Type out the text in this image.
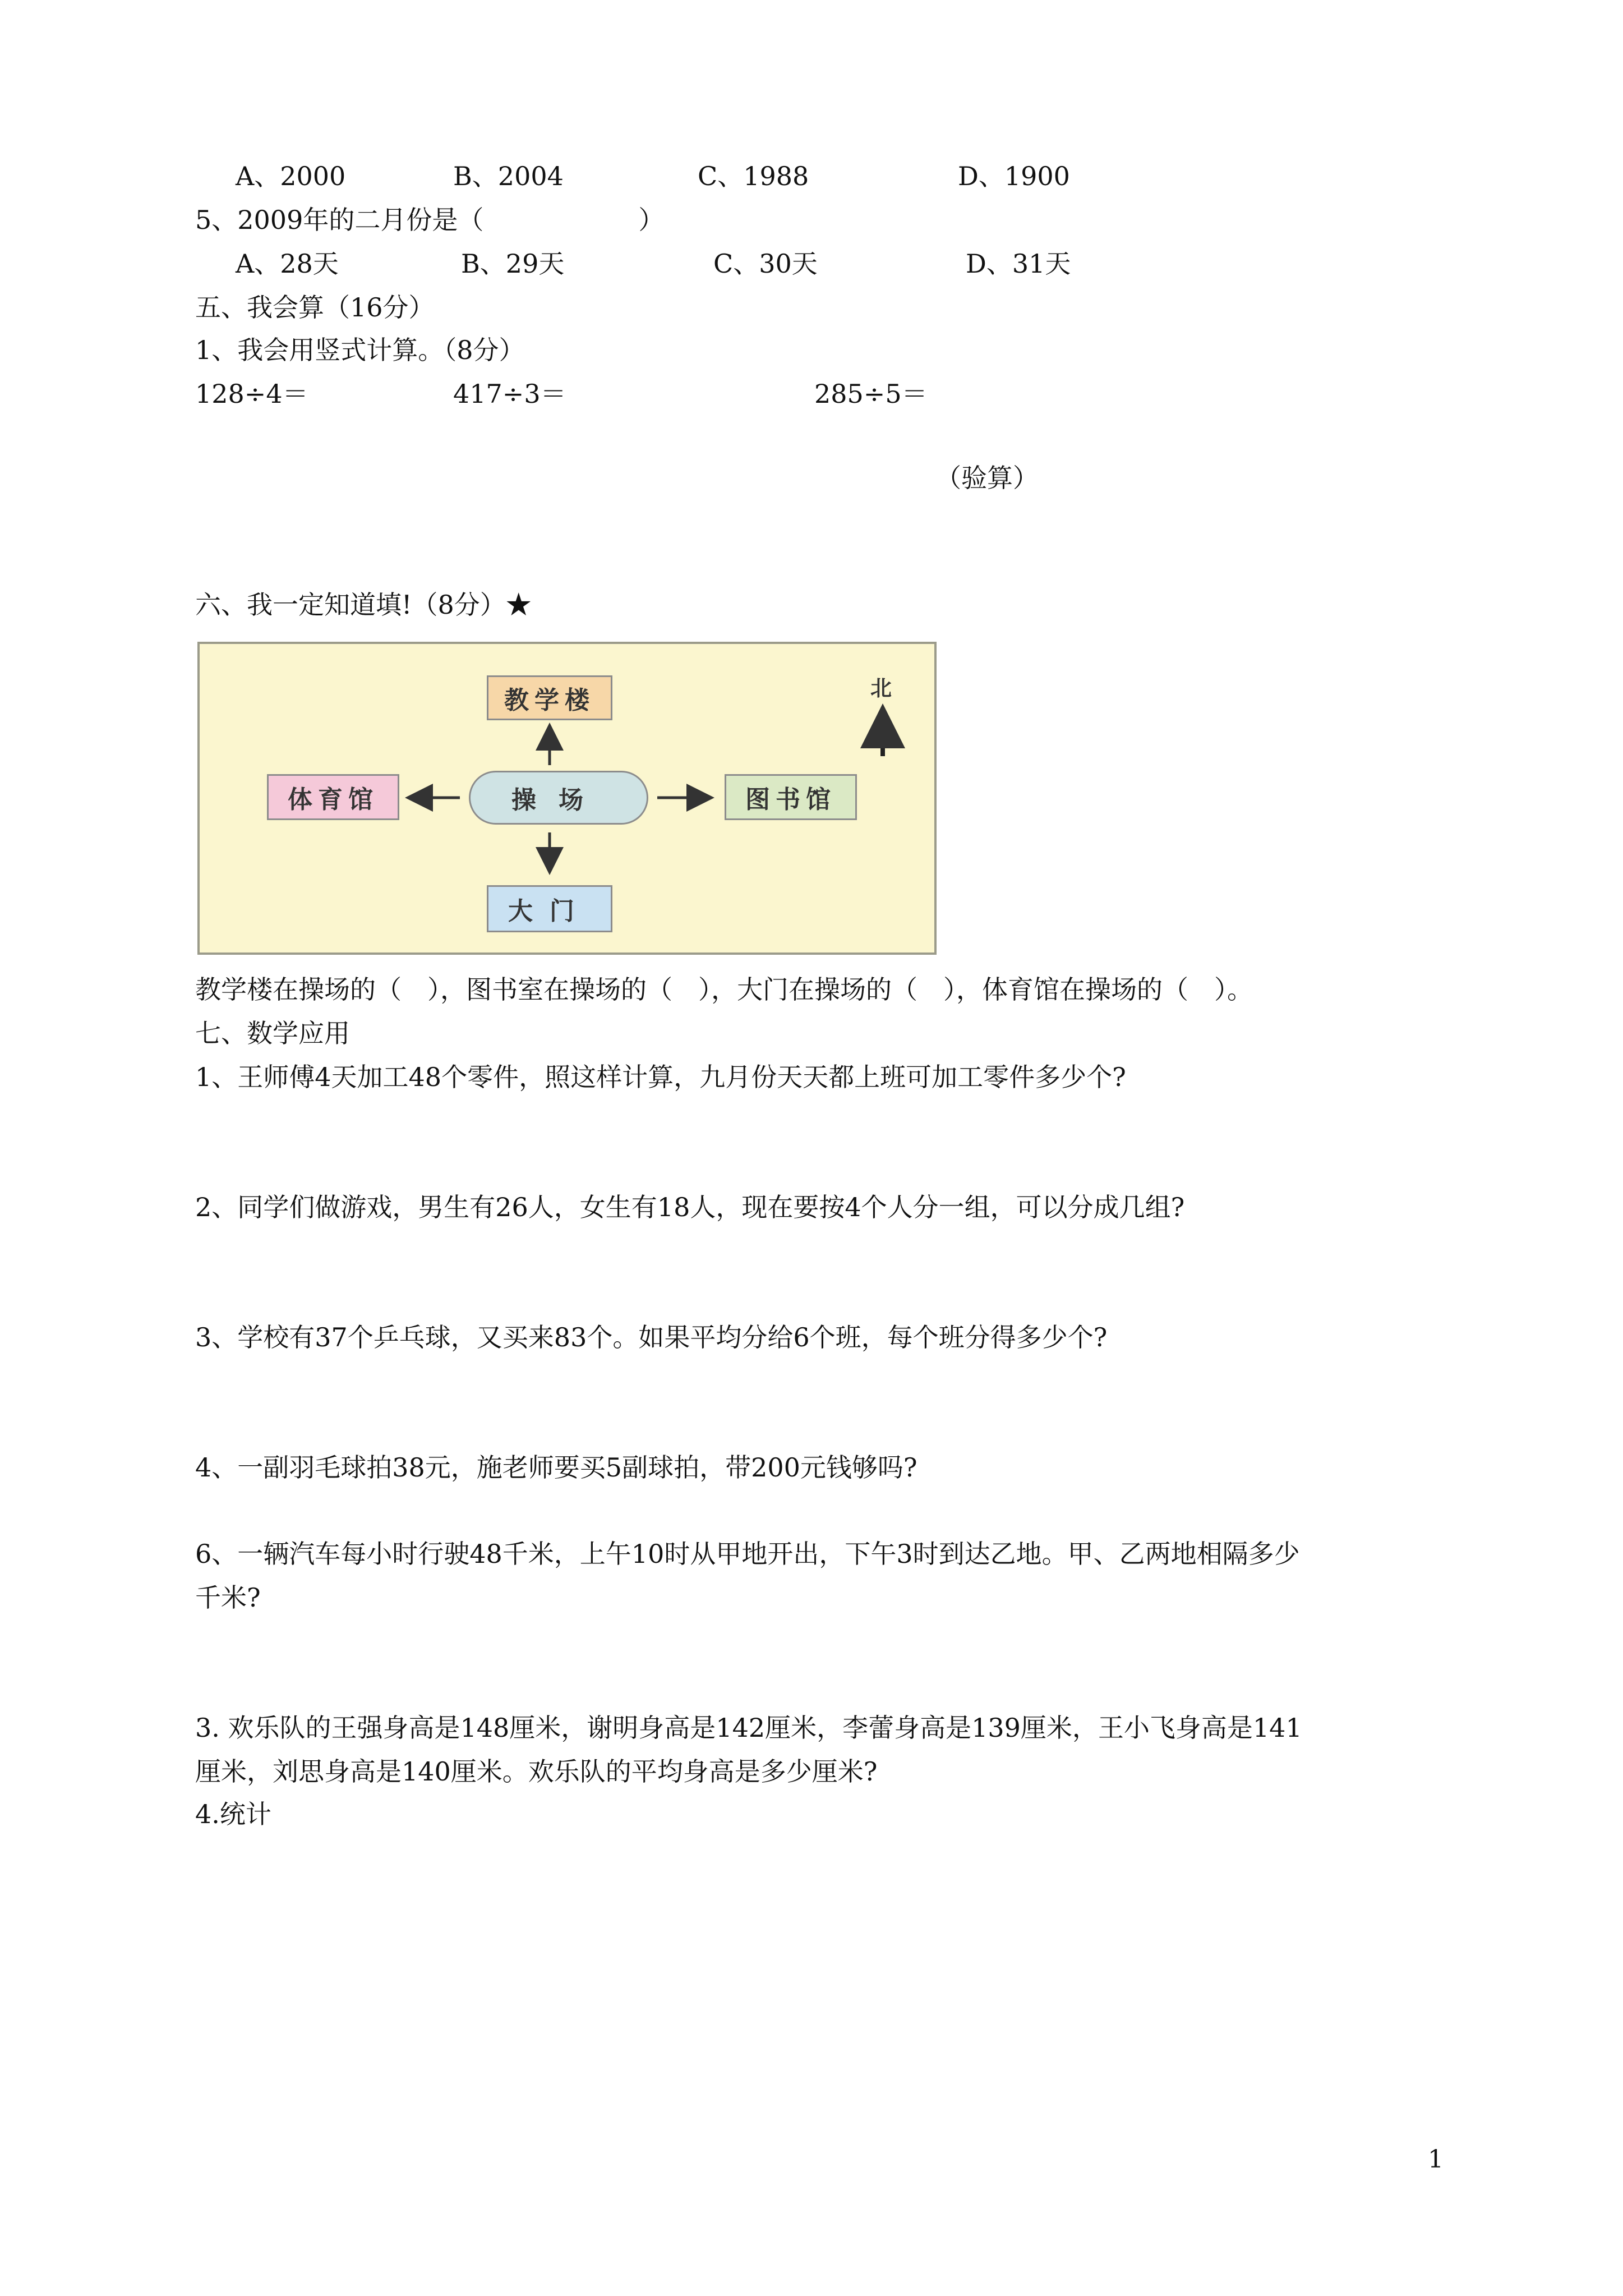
A、2000	B、2004	C、1988	D、1900
5、2009年的二月份是（　　　　　　）
A、28天	B、29天	C、30天	D、31天
五、我会算（16分）
1、我会用竖式计算。（8分）
128÷4＝	417÷3＝	285÷5＝
（验算）
六、我一定知道填!（8分）★
教学楼
体育馆	操场	图书馆
大门
北
教学楼在操场的（　），图书室在操场的（　），大门在操场的（　），体育馆在操场的（　）。
七、数学应用
1、王师傅4天加工48个零件，照这样计算，九月份天天都上班可加工零件多少个?
2、同学们做游戏，男生有26人，女生有18人，现在要按4个人分一组，可以分成几组?
3、学校有37个乒乓球，又买来83个。如果平均分给6个班，每个班分得多少个?
4、一副羽毛球拍38元，施老师要买5副球拍，带200元钱够吗?
6、一辆汽车每小时行驶48千米，上午10时从甲地开出，下午3时到达乙地。甲、乙两地相隔多少
千米?
3. 欢乐队的王强身高是148厘米，谢明身高是142厘米，李蕾身高是139厘米，王小飞身高是141
厘米，刘思身高是140厘米。欢乐队的平均身高是多少厘米?
4.统计
1
